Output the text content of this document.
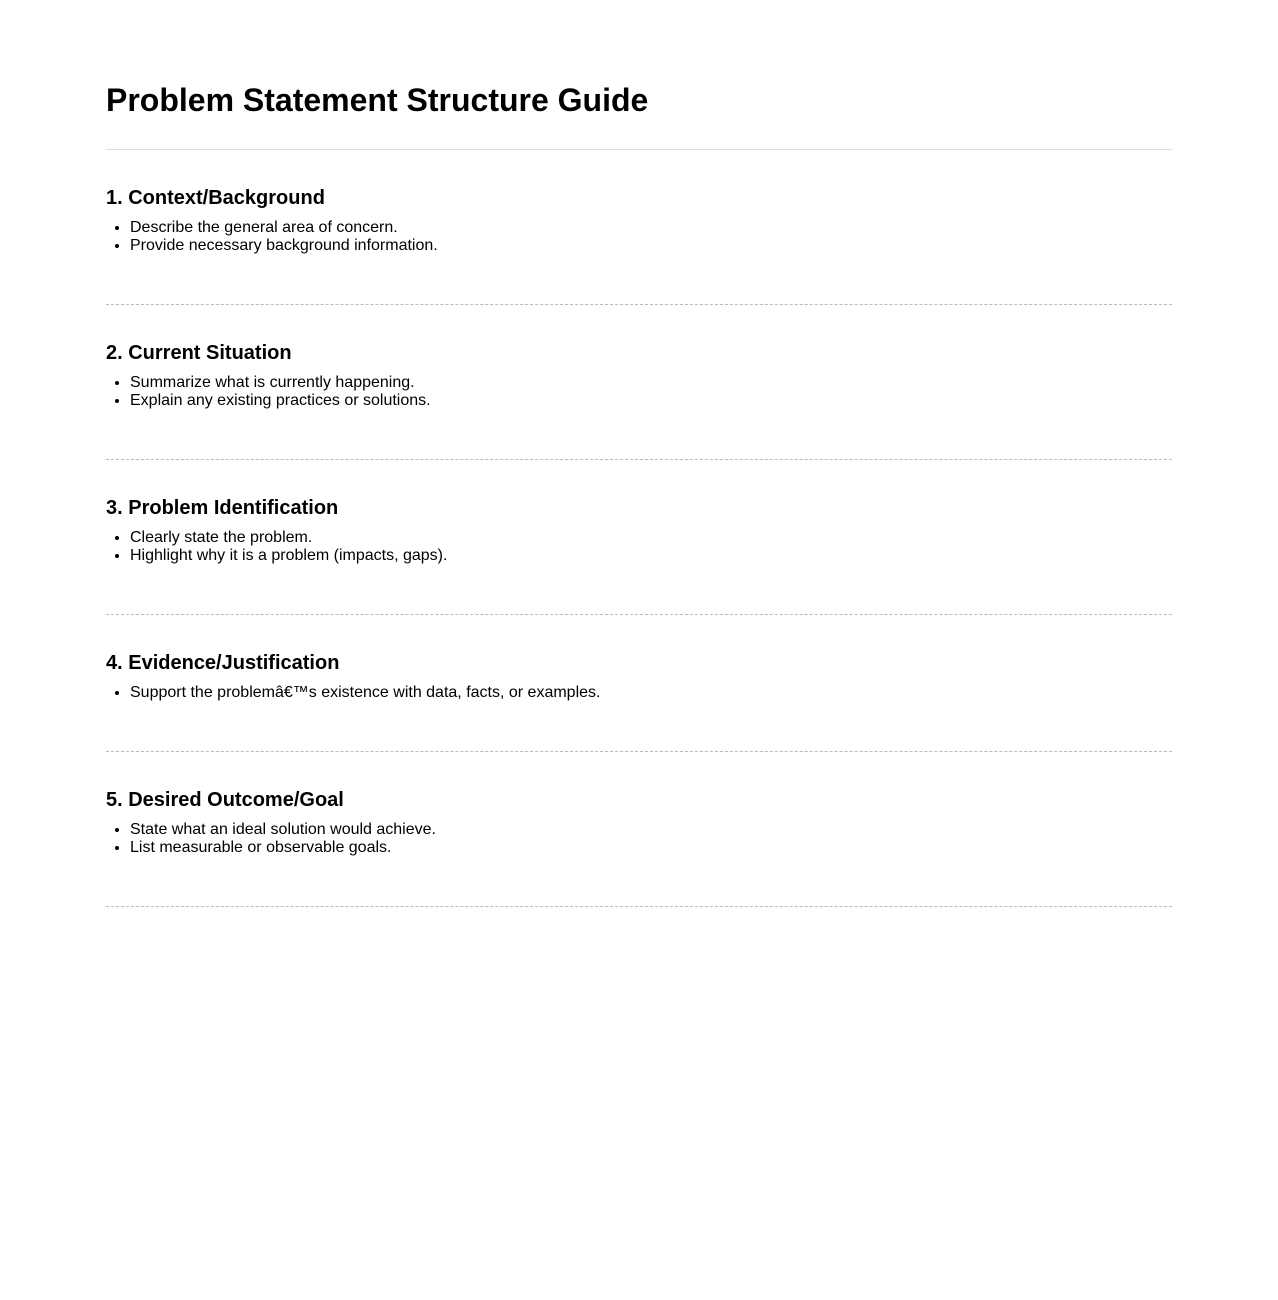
Problem Statement Structure Guide
1. Context/Background
• Describe the general area of concern.
• Provide necessary background information.
2. Current Situation
• Summarize what is currently happening.
• Explain any existing practices or solutions.
3. Problem Identification
• Clearly state the problem.
• Highlight why it is a problem (impacts, gaps).
4. Evidence/Justification
• Support the problemâ€™s existence with data, facts, or examples.
5. Desired Outcome/Goal
• State what an ideal solution would achieve.
• List measurable or observable goals.
